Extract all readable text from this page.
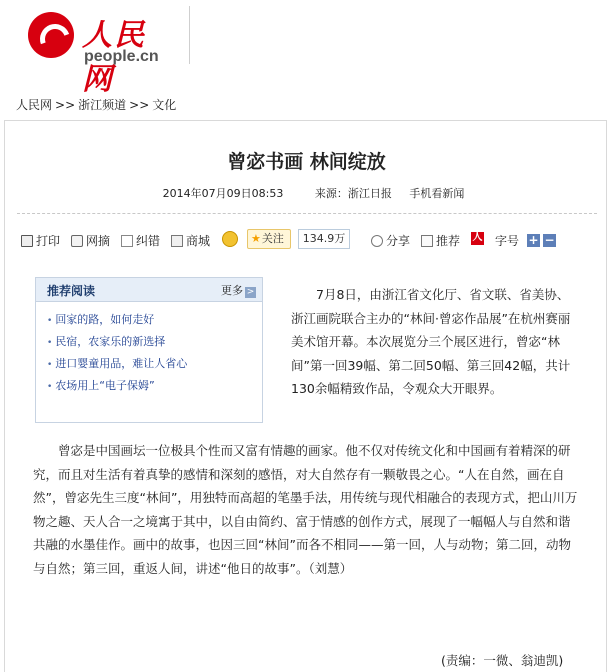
人民网
people.cn
人民网 >> 浙江频道 >> 文化
曾宓书画 林间绽放
2014年07月09日08:53	来源：浙江日报 手机看新闻
打印 网摘 纠错 商城	★关注	134.9万	分享 推荐 人 字号 + −
推荐阅读	更多 >
• 回家的路，如何走好
• 民宿，农家乐的新选择
• 进口婴童用品，难让人省心
• 农场用上“电子保姆”

7月8日，由浙江省文化厅、省文联、省美协、浙江画院联合主办的“林间·曾宓作品展”在杭州赛丽美术馆开幕。本次展览分三个展区进行，曾宓“林间”第一回39幅、第二回50幅、第三回42幅，共计130余幅精致作品，令观众大开眼界。

曾宓是中国画坛一位极具个性而又富有情趣的画家。他不仅对传统文化和中国画有着精深的研究，而且对生活有着真挚的感情和深刻的感悟，对大自然存有一颗敬畏之心。“人在自然，画在自然”，曾宓先生三度“林间”，用独特而高超的笔墨手法，用传统与现代相融合的表现方式，把山川万物之趣、天人合一之境寓于其中，以自由简约、富于情感的创作方式，展现了一幅幅人与自然和谐共融的水墨佳作。画中的故事，也因三回“林间”而各不相同——第一回，人与动物；第二回，动物与自然；第三回，重返人间，讲述“他日的故事”。（刘慧）

(责编：一微、翁迪凯)
